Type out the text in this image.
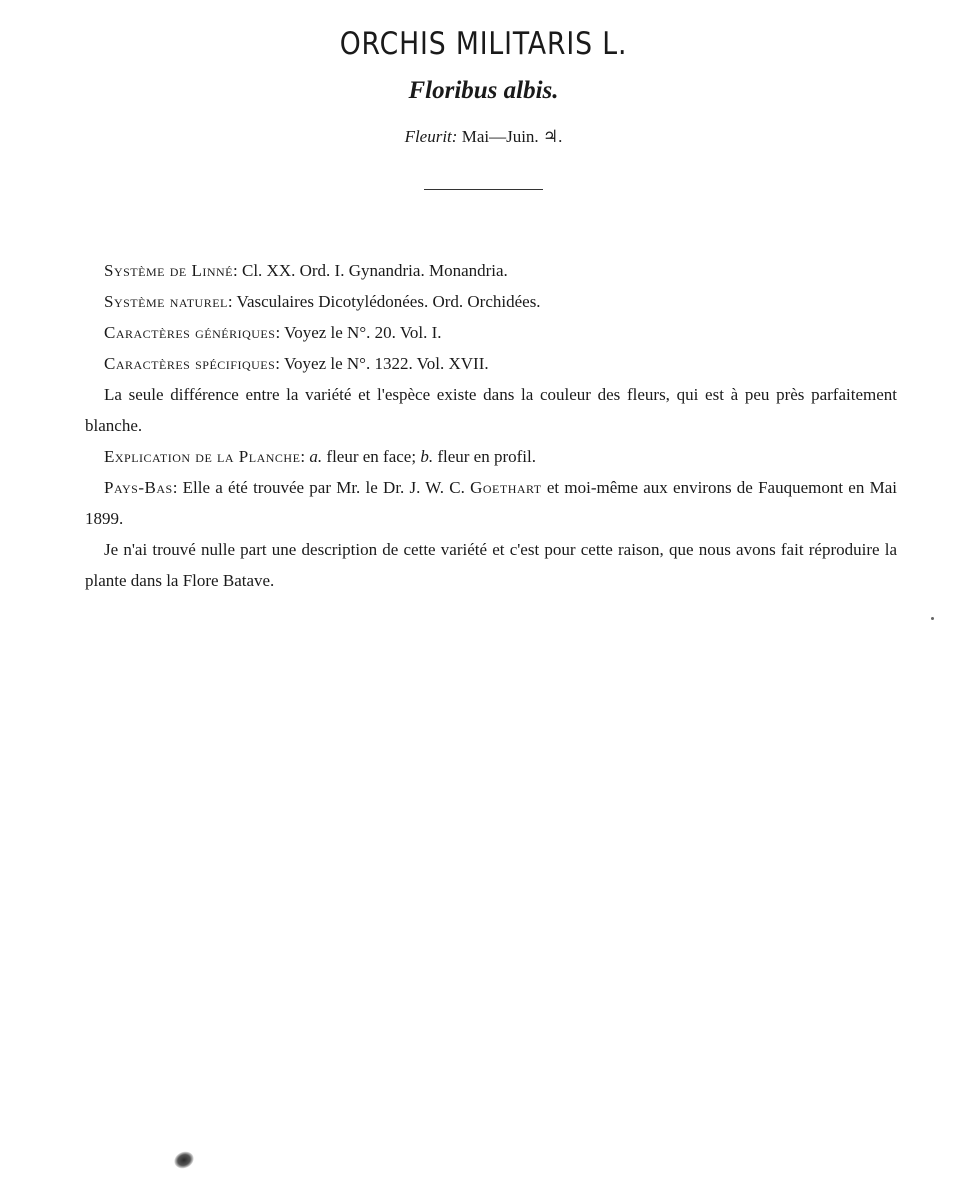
ORCHIS MILITARIS L.
Floribus albis.
Fleurit: Mai—Juin. ♃.

Système de Linné: Cl. XX. Ord. I. Gynandria. Monandria.

Système naturel: Vasculaires Dicotylédonées. Ord. Orchidées.

Caractères génériques: Voyez le N°. 20. Vol. I.

Caractères spécifiques: Voyez le N°. 1322. Vol. XVII.

La seule différence entre la variété et l'espèce existe dans la couleur des fleurs, qui est à peu près parfaitement blanche.

Explication de la Planche: a. fleur en face; b. fleur en profil.

Pays-Bas: Elle a été trouvée par Mr. le Dr. J. W. C. Goethart et moi-même aux environs de Fauquemont en Mai 1899.

Je n'ai trouvé nulle part une description de cette variété et c'est pour cette raison, que nous avons fait réproduire la plante dans la Flore Batave.
